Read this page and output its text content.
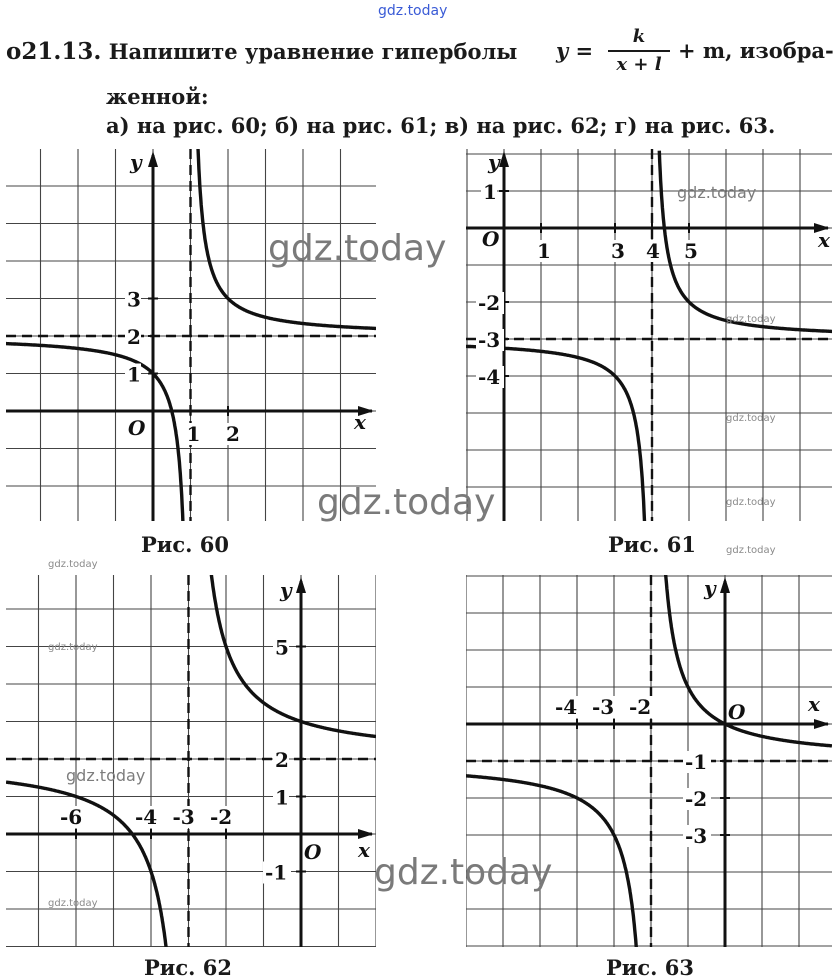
gdz.today
о21.13. Напишите уравнение гиперболы y =
k
x + l
+ m, изобра-
женной:
а) на рис. 60; б) на рис. 61; в) на рис. 62; г) на рис. 63.
1 2
1
2
3
x
y
O
Рис. 60
1	3 4 5
1
-2
-3
-4
x
y
O
Рис. 61
-6	-4 -3 -2
5
2
1
-1
x
y
O
Рис. 62
-4 -3 -2
-1
-2
-3
x
y
O
Рис. 63
gdz.today
gdz.today
gdz.today
gdz.today
gdz.today
gdz.today
gdz.today
gdz.today
gdz.today
gdz.today
gdz.today
gdz.today
